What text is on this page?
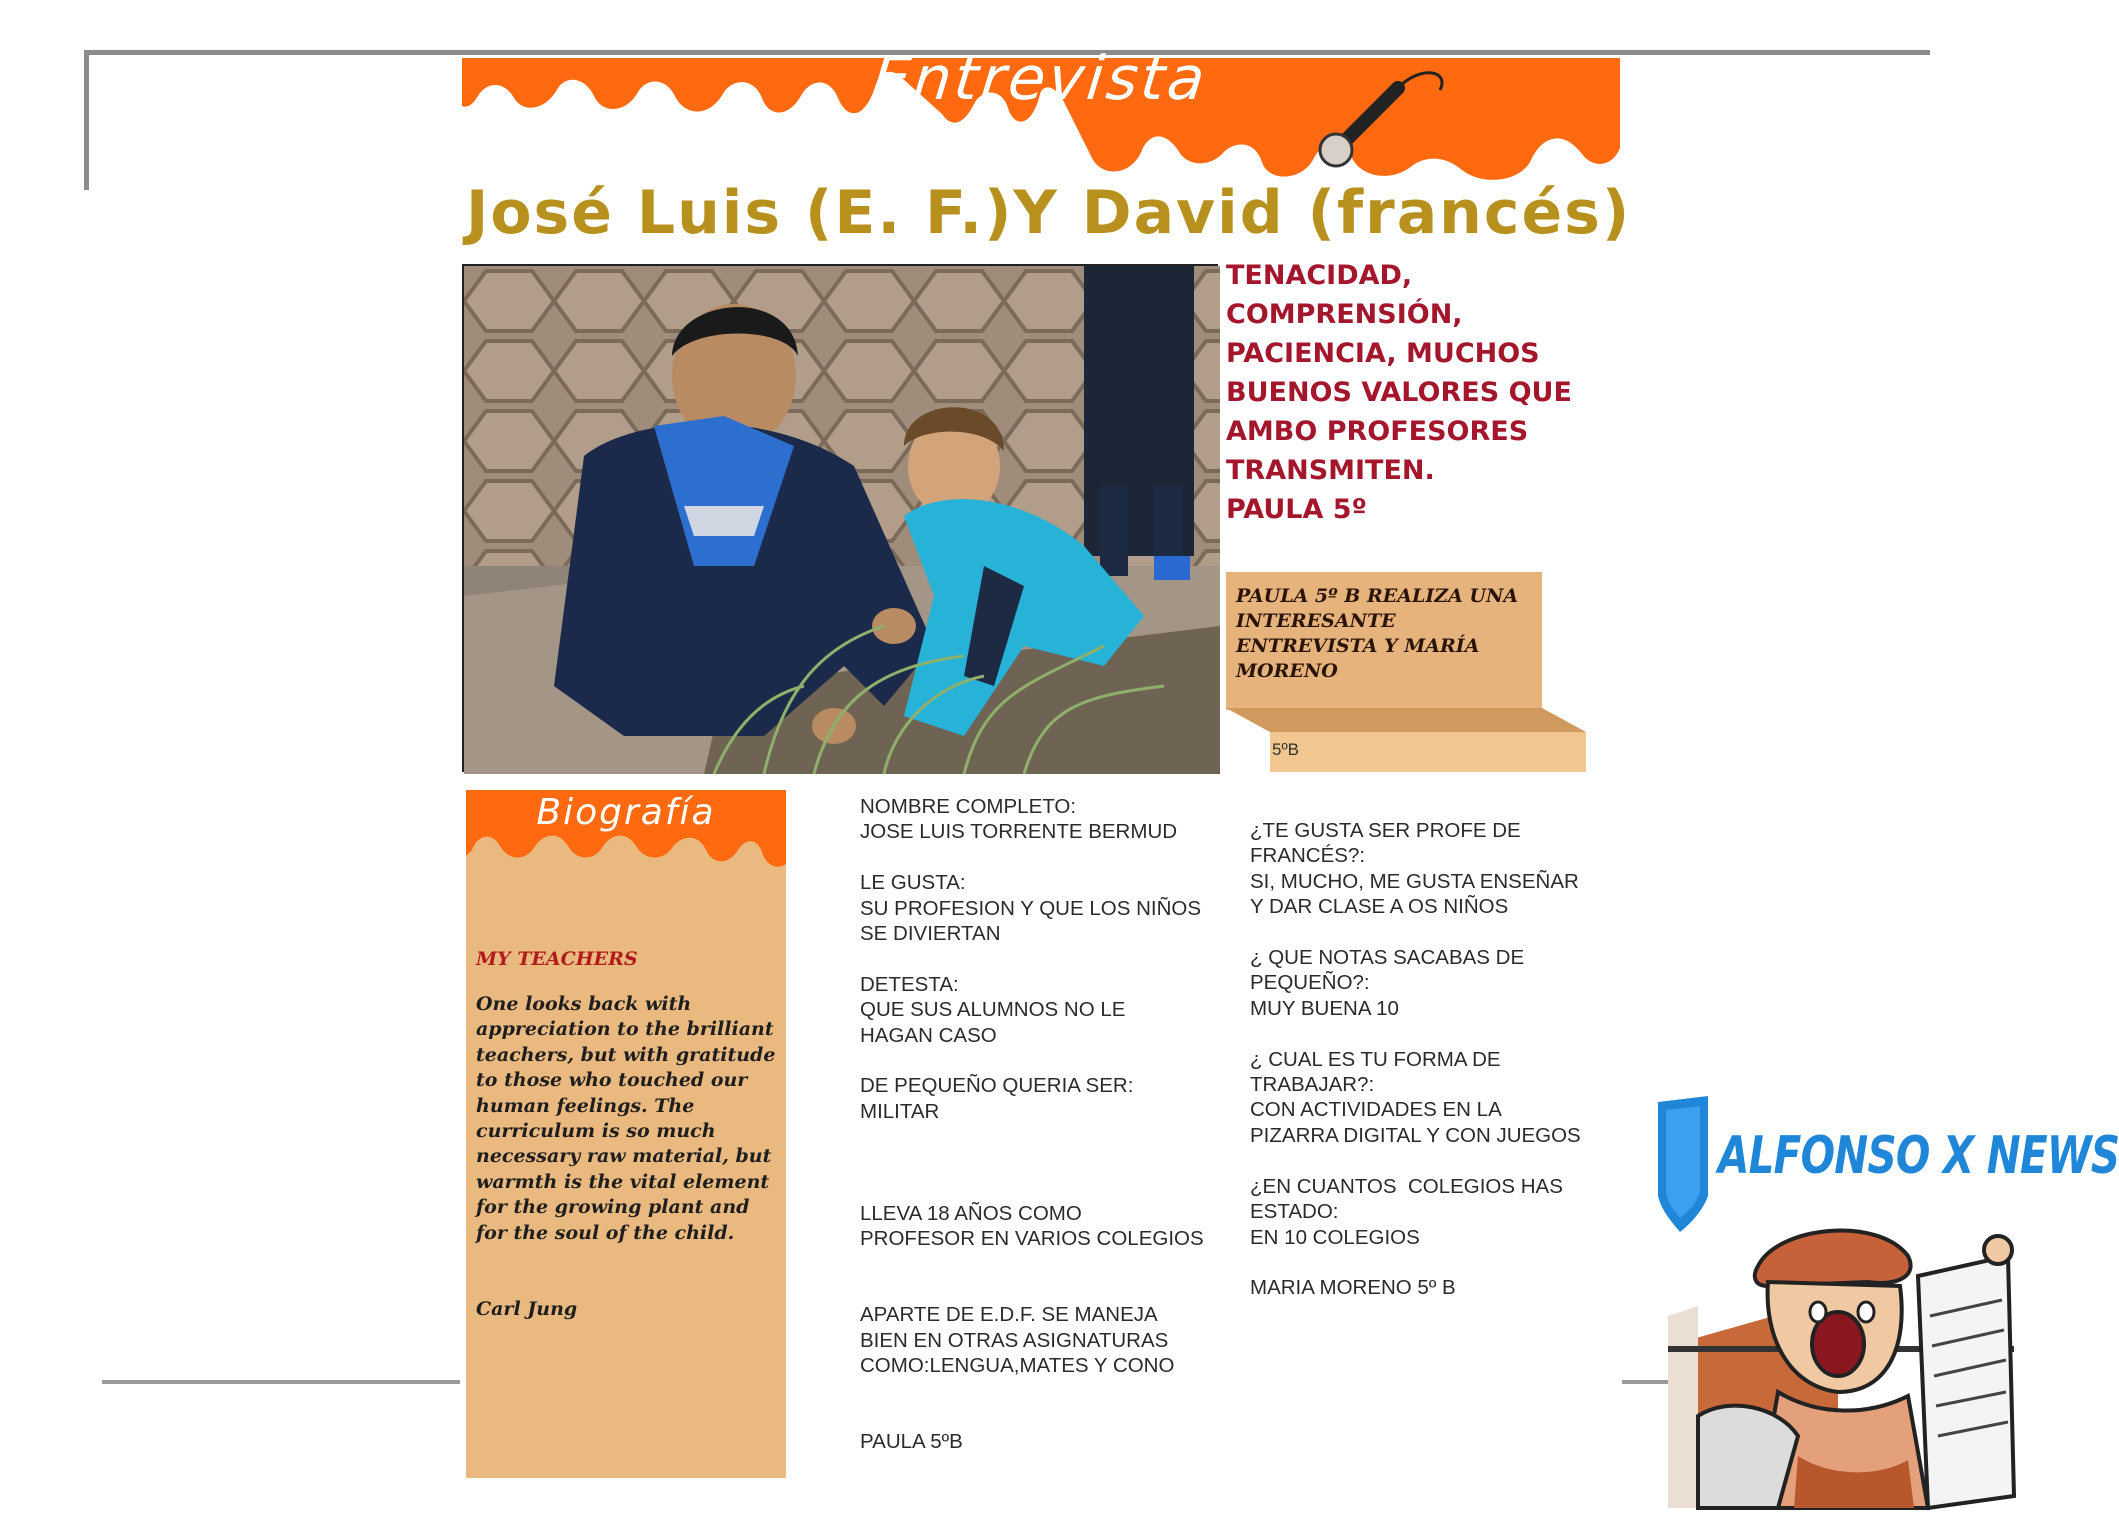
Entrevista
José Luis (E. F.)Y David (francés)
TENACIDAD,
COMPRENSIÓN,
PACIENCIA, MUCHOS
BUENOS VALORES QUE
AMBO PROFESORES
TRANSMITEN.
PAULA 5º
PAULA 5º B REALIZA UNA INTERESANTE ENTREVISTA Y MARÍA MORENO
5ºB
Biografía
MY TEACHERS
One looks back with appreciation to the brilliant teachers, but with gratitude to those who touched our human feelings. The curriculum is so much necessary raw material, but warmth is the vital element for the growing plant and for the soul of the child.
Carl Jung
NOMBRE COMPLETO:
JOSE LUIS TORRENTE BERMUD

LE GUSTA:
SU PROFESION Y QUE LOS NIÑOS
SE DIVIERTAN

DETESTA:
QUE SUS ALUMNOS NO LE
HAGAN CASO

DE PEQUEÑO QUERIA SER:
MILITAR

LLEVA 18 AÑOS COMO
PROFESOR EN VARIOS COLEGIOS

APARTE DE E.D.F. SE MANEJA
BIEN EN OTRAS ASIGNATURAS
COMO:LENGUA,MATES Y CONO

PAULA 5ºB
¿TE GUSTA SER PROFE DE
FRANCÉS?:
SI, MUCHO, ME GUSTA ENSEÑAR
Y DAR CLASE A OS NIÑOS

¿ QUE NOTAS SACABAS DE
PEQUEÑO?:
MUY BUENA 10

¿ CUAL ES TU FORMA DE
TRABAJAR?:
CON ACTIVIDADES EN LA
PIZARRA DIGITAL Y CON JUEGOS

¿EN CUANTOS  COLEGIOS HAS
ESTADO:
EN 10 COLEGIOS

MARIA MORENO 5º B
ALFONSO X NEWS
